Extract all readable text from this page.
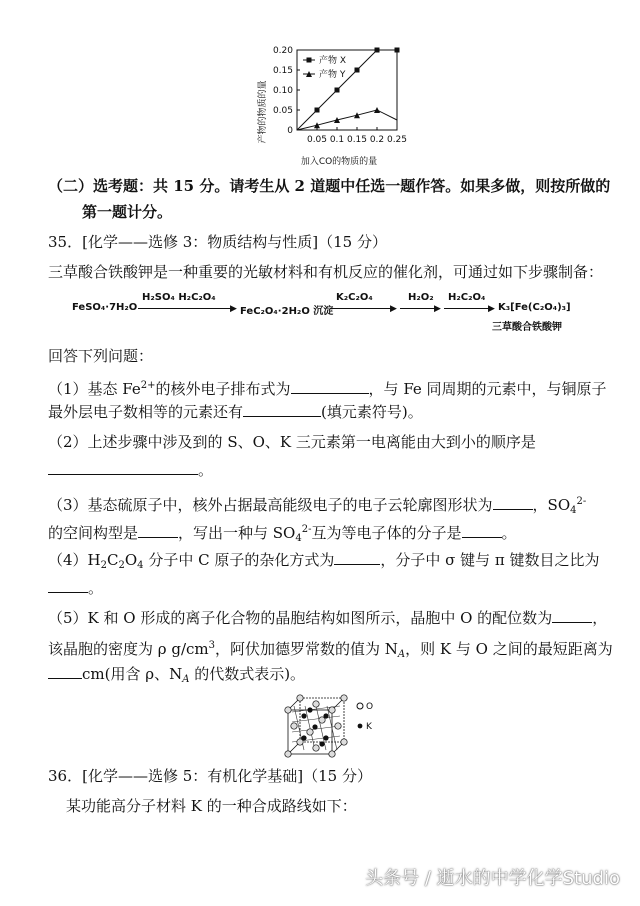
产物的物质的量
0.20
0.15
0.10
0.05
0
0.05 0.1 0.15 0.2 0.25
产物 X
产物 Y
加入CO的物质的量
（二）选考题：共 15 分。请考生从 2 道题中任选一题作答。如果多做，则按所做的
第一题计分。
35．[化学——选修 3：物质结构与性质]（15 分）
三草酸合铁酸钾是一种重要的光敏材料和有机反应的催化剂，可通过如下步骤制备：
FeSO₄·7H₂O
H₂SO₄ H₂C₂O₄
▶ FeC₂O₄·2H₂O 沉淀
K₂C₂O₄
▶
H₂O₂
▶
H₂C₂O₄
▶ K₃[Fe(C₂O₄)₃]
三草酸合铁酸钾
回答下列问题：
（1）基态 $Fe^{2+}$的核外电子排布式为	，与 Fe 同周期的元素中，与铜原子
最外层电子数相等的元素还有	(填元素符号)。
（2）上述步骤中涉及到的 S、O、K 三元素第一电离能由大到小的顺序是
。
（3）基态硫原子中，核外占据最高能级电子的电子云轮廓图形状为	，$SO_4^{2-}$
的空间构型是	，写出一种与 $SO_4^{2-}$互为等电子体的分子是	。
$(4)H_2C_2O_4$ 分子中 C 原子的杂化方式为	，分子中 σ 键与 π 键数目之比为
。
（5）K 和 O 形成的离子化合物的晶胞结构如图所示，晶胞中 O 的配位数为	，
该晶胞的密度为 ρ $g/cm^3$，阿伏加德罗常数的值为 $N_A$，则 K 与 O 之间的最短距离为
cm(用含 ρ、$N_A$ 的代数式表示)。
O
K
36．[化学——选修 5：有机化学基础]（15 分）
某功能高分子材料 K 的一种合成路线如下：
头条号 / 逝水的中学化学Studio
